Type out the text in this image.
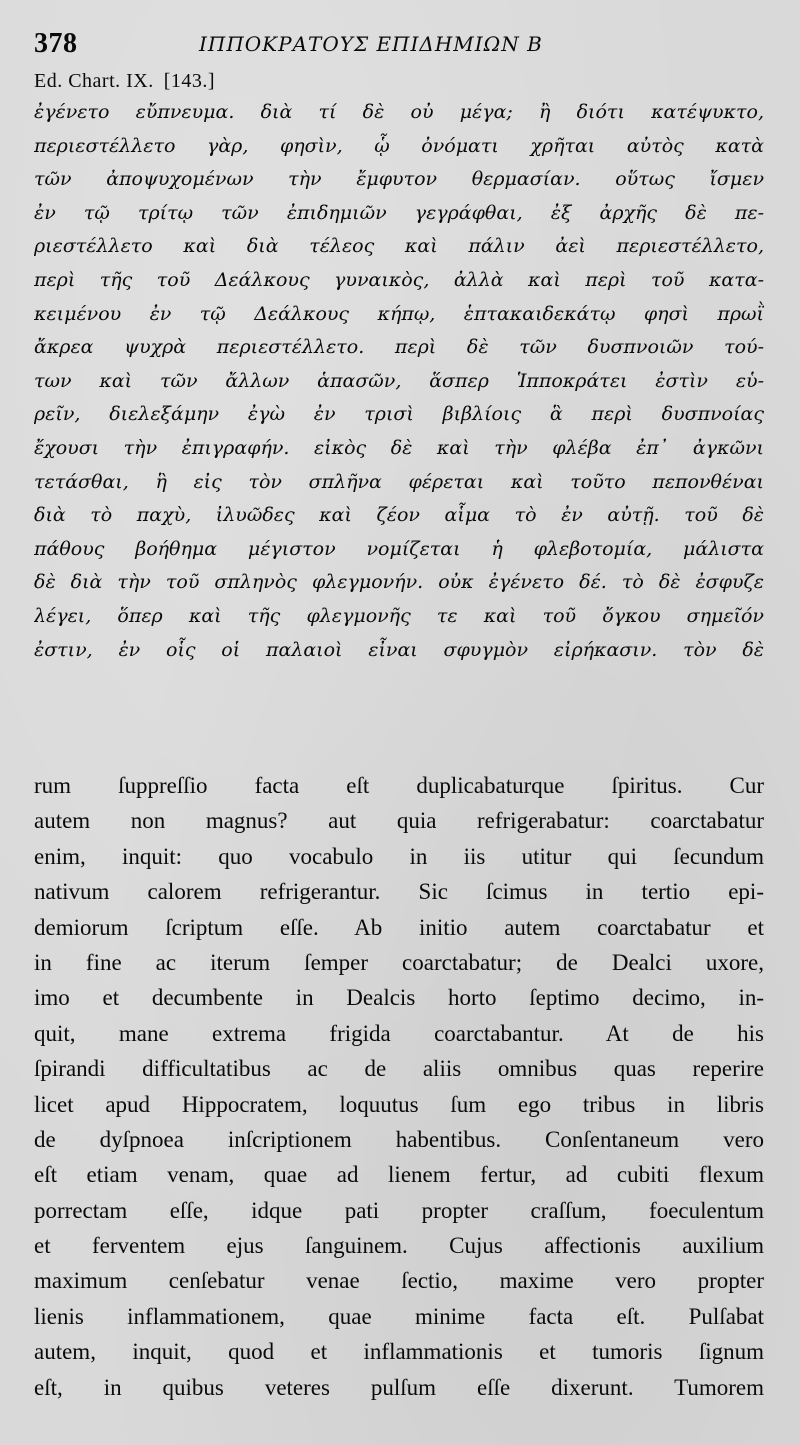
378	ΙΠΠΟΚΡΑΤΟΥΣ ΕΠΙΔΗΜΙΩΝ Β
Ed. Chart. IX. [143.]
ἐγένετο εὔπνευμα. διὰ τί δὲ οὐ μέγα; ἢ διότι κατέψυκτο,
περιεστέλλετο γὰρ, φησὶν, ᾧ ὀνόματι χρῆται αὐτὸς κατὰ
τῶν ἀποψυχομένων τὴν ἔμφυτον θερμασίαν. οὕτως ἴσμεν
ἐν τῷ τρίτῳ τῶν ἐπιδημιῶν γεγράφθαι, ἐξ ἀρχῆς δὲ πε-
ριεστέλλετο καὶ διὰ τέλεος καὶ πάλιν ἀεὶ περιεστέλλετο,
περὶ τῆς τοῦ Δεάλκους γυναικὸς, ἀλλὰ καὶ περὶ τοῦ κατα-
κειμένου ἐν τῷ Δεάλκους κήπῳ, ἑπτακαιδεκάτῳ φησὶ πρωῒ
ἄκρεα ψυχρὰ περιεστέλλετο. περὶ δὲ τῶν δυσπνοιῶν τού-
των καὶ τῶν ἄλλων ἁπασῶν, ἅσπερ Ἱπποκράτει ἐστὶν εὑ-
ρεῖν, διελεξάμην ἐγὼ ἐν τρισὶ βιβλίοις ἃ περὶ δυσπνοίας
ἔχουσι τὴν ἐπιγραφήν. εἰκὸς δὲ καὶ τὴν φλέβα ἐπ᾽ ἀγκῶνι
τετάσθαι, ἣ εἰς τὸν σπλῆνα φέρεται καὶ τοῦτο πεπονθέναι
διὰ τὸ παχὺ, ἰλυῶδες καὶ ζέον αἷμα τὸ ἐν αὐτῇ. τοῦ δὲ
πάθους βοήθημα μέγιστον νομίζεται ἡ φλεβοτομία, μάλιστα
δὲ διὰ τὴν τοῦ σπληνὸς φλεγμονήν. οὐκ ἐγένετο δέ. τὸ δὲ ἐσφυζε
λέγει, ὅπερ καὶ τῆς φλεγμονῆς τε καὶ τοῦ ὄγκου σημεῖόν
ἐστιν, ἐν οἷς οἱ παλαιοὶ εἶναι σφυγμὸν εἰρήκασιν. τὸν δὲ
rum ſuppreſſio facta eſt duplicabaturque ſpiritus. Cur
autem non magnus? aut quia refrigerabatur: coarctabatur
enim, inquit: quo vocabulo in iis utitur qui ſecundum
nativum calorem refrigerantur. Sic ſcimus in tertio epi-
demiorum ſcriptum eſſe. Ab initio autem coarctabatur et
in fine ac iterum ſemper coarctabatur; de Dealci uxore,
imo et decumbente in Dealcis horto ſeptimo decimo, in-
quit, mane extrema frigida coarctabantur. At de his
ſpirandi difficultatibus ac de aliis omnibus quas reperire
licet apud Hippocratem, loquutus ſum ego tribus in libris
de dyſpnoea inſcriptionem habentibus. Conſentaneum vero
eſt etiam venam, quae ad lienem fertur, ad cubiti flexum
porrectam eſſe, idque pati propter craſſum, foeculentum
et ferventem ejus ſanguinem. Cujus affectionis auxilium
maximum cenſebatur venae ſectio, maxime vero propter
lienis inflammationem, quae minime facta eſt. Pulſabat
autem, inquit, quod et inflammationis et tumoris ſignum
eſt, in quibus veteres pulſum eſſe dixerunt. Tumorem
